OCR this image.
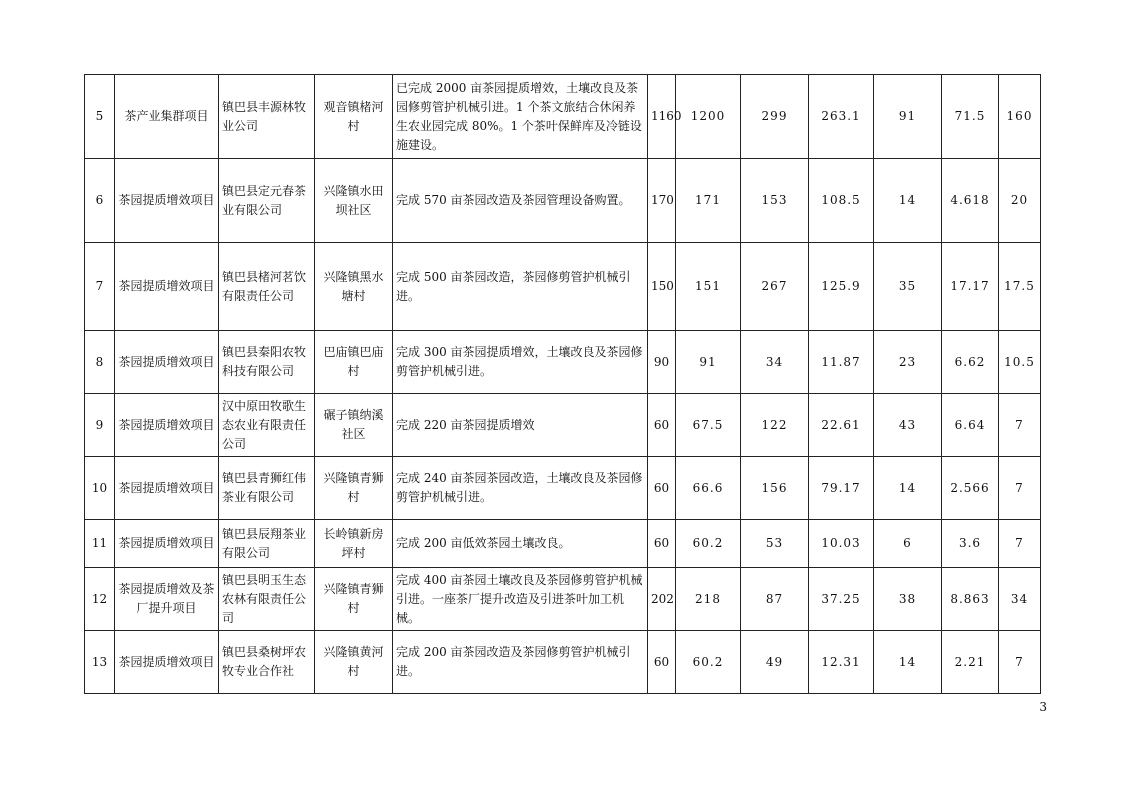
5	茶产业集群项目	镇巴县丰源林牧业公司	观音镇楮河村	已完成 2000 亩茶园提质增效，土壤改良及茶园修剪管护机械引进。1 个茶文旅结合休闲养生农业园完成 80%。1 个茶叶保鲜库及冷链设施建设。	1160	1200	299	263.1	91	71.5	160
6	茶园提质增效项目	镇巴县定元春茶业有限公司	兴隆镇水田坝社区	完成 570 亩茶园改造及茶园管理设备购置。	170	171	153	108.5	14	4.618	20
7	茶园提质增效项目	镇巴县楮河茗饮有限责任公司	兴隆镇黑水塘村	完成 500 亩茶园改造，茶园修剪管护机械引进。	150	151	267	125.9	35	17.17	17.5
8	茶园提质增效项目	镇巴县秦阳农牧科技有限公司	巴庙镇巴庙村	完成 300 亩茶园提质增效，土壤改良及茶园修剪管护机械引进。	90	91	34	11.87	23	6.62	10.5
9	茶园提质增效项目	汉中原田牧歌生态农业有限责任公司	碾子镇纳溪社区	完成 220 亩茶园提质增效	60	67.5	122	22.61	43	6.64	7
10	茶园提质增效项目	镇巴县青狮红伟茶业有限公司	兴隆镇青狮村	完成 240 亩茶园茶园改造，土壤改良及茶园修剪管护机械引进。	60	66.6	156	79.17	14	2.566	7
11	茶园提质增效项目	镇巴县辰翔茶业有限公司	长岭镇新房坪村	完成 200 亩低效茶园土壤改良。	60	60.2	53	10.03	6	3.6	7
12	茶园提质增效及茶厂提升项目	镇巴县明玉生态农林有限责任公司	兴隆镇青狮村	完成 400 亩茶园土壤改良及茶园修剪管护机械引进。一座茶厂提升改造及引进茶叶加工机械。	202	218	87	37.25	38	8.863	34
13	茶园提质增效项目	镇巴县桑树坪农牧专业合作社	兴隆镇黄河村	完成 200 亩茶园改造及茶园修剪管护机械引进。	60	60.2	49	12.31	14	2.21	7
3
